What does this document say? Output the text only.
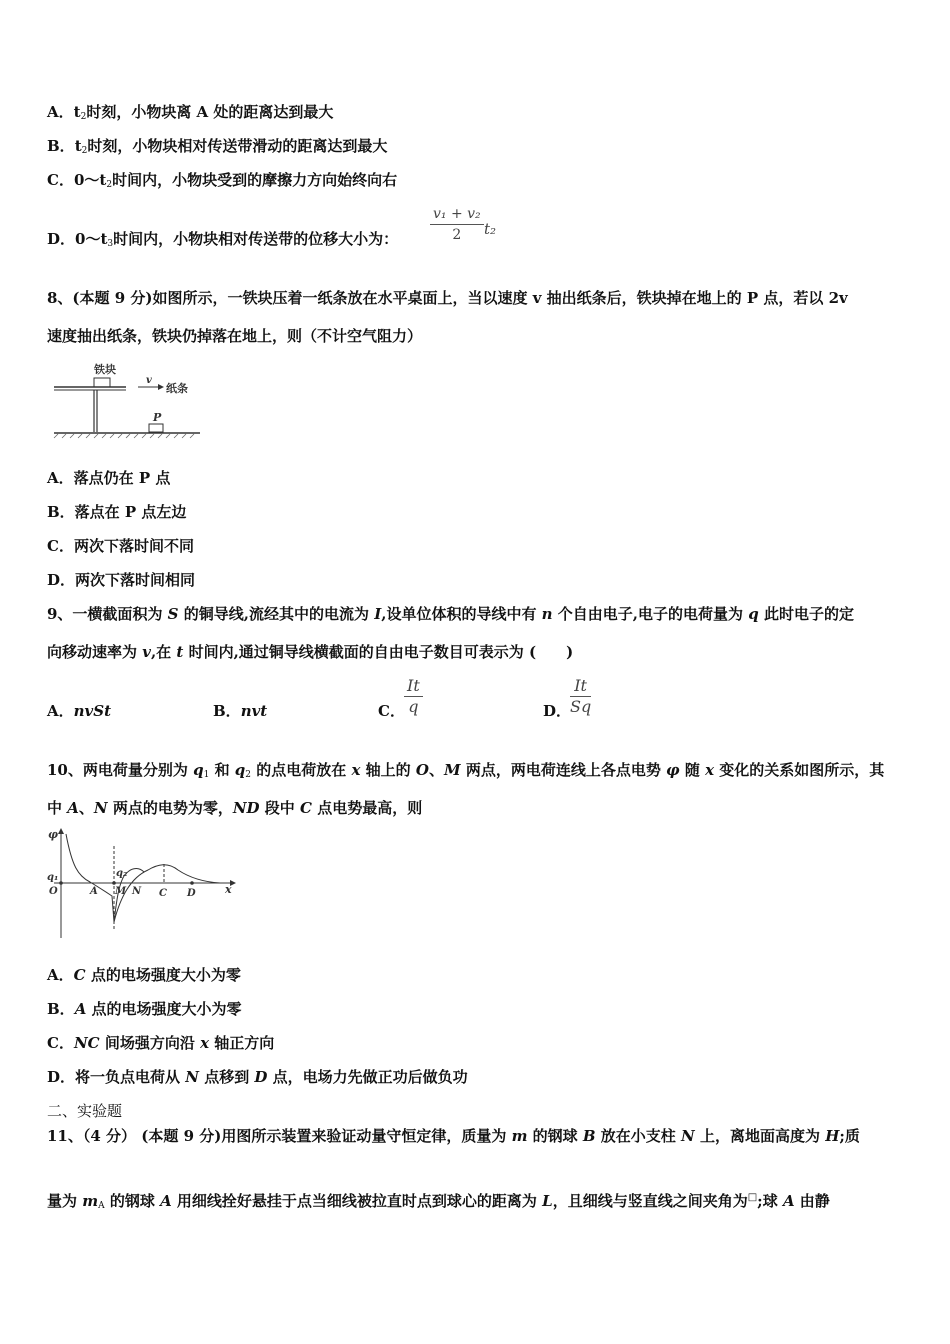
A．$t_2$时刻，小物块离 A 处的距离达到最大
B．$t_2$时刻，小物块相对传送带滑动的距离达到最大
C．$0\sim t_2$时间内，小物块受到的摩擦力方向始终向右
D．$0\sim t_3$时间内，小物块相对传送带的位移大小为： $\frac{\text{v₁ + v₂}}{2} t_2$
8、(本题 9 分)如图所示，一铁块压着一纸条放在水平桌面上，当以速度 v 抽出纸条后，铁块掉在地上的 P 点，若以 2v
速度抽出纸条，铁块仍掉落在地上，则（不计空气阻力）
铁块
v
纸条
P
A．落点仍在 P 点
B．落点在 P 点左边
C．两次下落时间不同
D．两次下落时间相同
9、一横截面积为 S 的铜导线,流经其中的电流为 I,设单位体积的导线中有 n 个自由电子,电子的电荷量为 q 此时电子的定
向移动速率为 v,在 t 时间内,通过铜导线横截面的自由电子数目可表示为 (　　)
A．nvSt	B．nvt	C． $\frac{It}{q}$	D．
$\frac{It}{Sq}$
10、两电荷量分别为 $q_1$ 和 $q_2$ 的点电荷放在 x 轴上的 O、M 两点，两电荷连线上各点电势 φ 随 x 变化的关系如图所示，其
中 A、N 两点的电势为零，ND 段中 C 点电势最高，则
φ
x
q₁	q₂
O	A M N C D
A．C 点的电场强度大小为零
B．A 点的电场强度大小为零
C．NC 间场强方向沿 x 轴正方向
D．将一负点电荷从 N 点移到 D 点，电场力先做正功后做负功
二、实验题
11、（4 分） (本题 9 分)用图所示装置来验证动量守恒定律，质量为 m 的钢球 B 放在小支柱 N 上，离地面高度为 H;质
量为 $m_A$ 的钢球 A 用细线拴好悬挂于点当细线被拉直时点到球心的距离为 L，且细线与竖直线之间夹角为□;球 A 由静
